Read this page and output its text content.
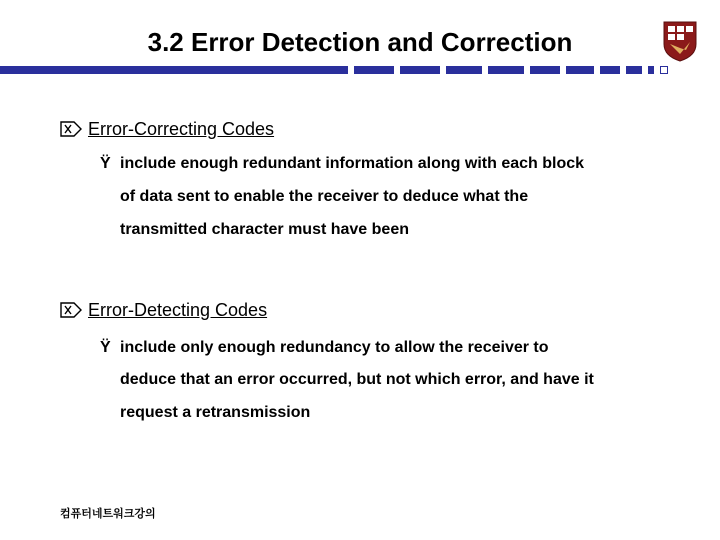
3.2 Error Detection and Correction
Error-Correcting Codes
Ÿ include enough redundant information along with each block
of data sent to enable the receiver to deduce what the
transmitted character must have been
Error-Detecting Codes
Ÿ include only enough redundancy to allow the receiver to
deduce that an error occurred, but not which error, and have it
request a retransmission
컴퓨터네트워크강의
